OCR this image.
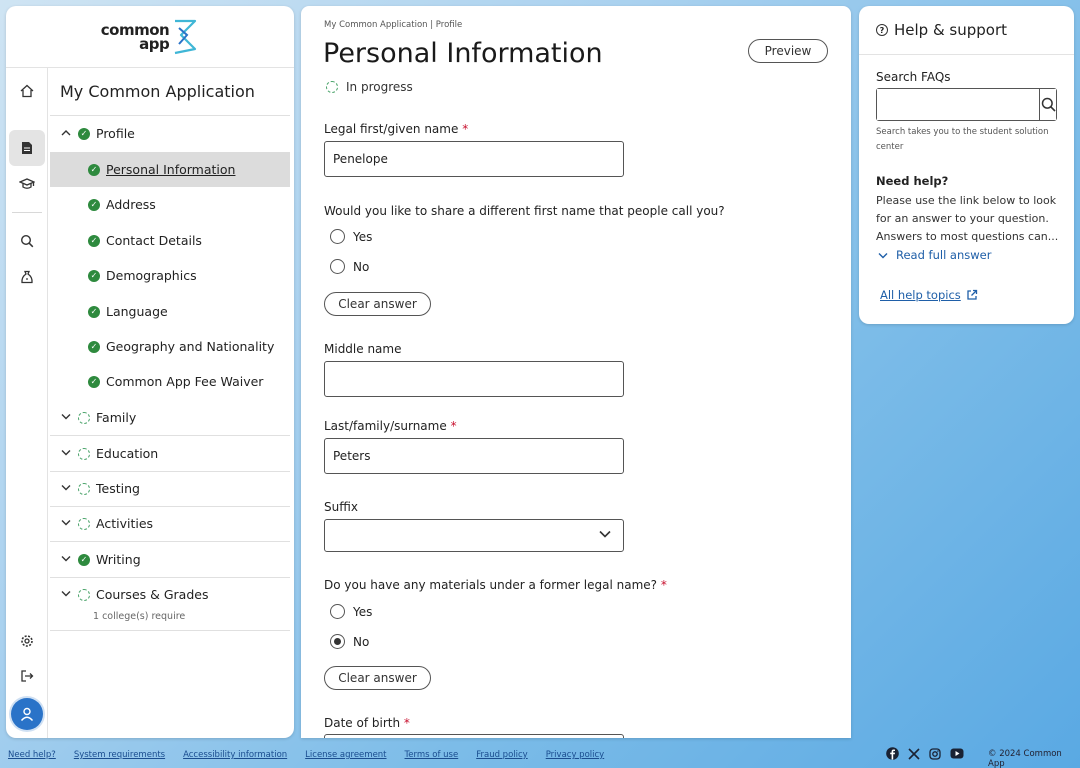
common
app
My Common Application
✓ Profile
✓ Personal Information
✓ Address
✓ Contact Details
✓ Demographics
✓ Language
✓ Geography and Nationality
✓ Common App Fee Waiver
Family
Education
Testing
Activities
✓ Writing
Courses & Grades
1 college(s) require
My Common Application | Profile
Personal Information	Preview
In progress
Legal first/given name *
Penelope
Would you like to share a different first name that people call you?
Yes
No
Clear answer
Middle name
Last/family/surname *
Peters
Suffix
Do you have any materials under a former legal name? *
Yes
No
Clear answer
Date of birth *
? Help & support
Search FAQs
Search takes you to the student solution center
Need help?
Please use the link below to look for an answer to your question. Answers to most questions can...
Read full answer
All help topics
Need help? System requirements Accessibility information License agreement Terms of use Fraud policy Privacy policy	© 2024 Common App
